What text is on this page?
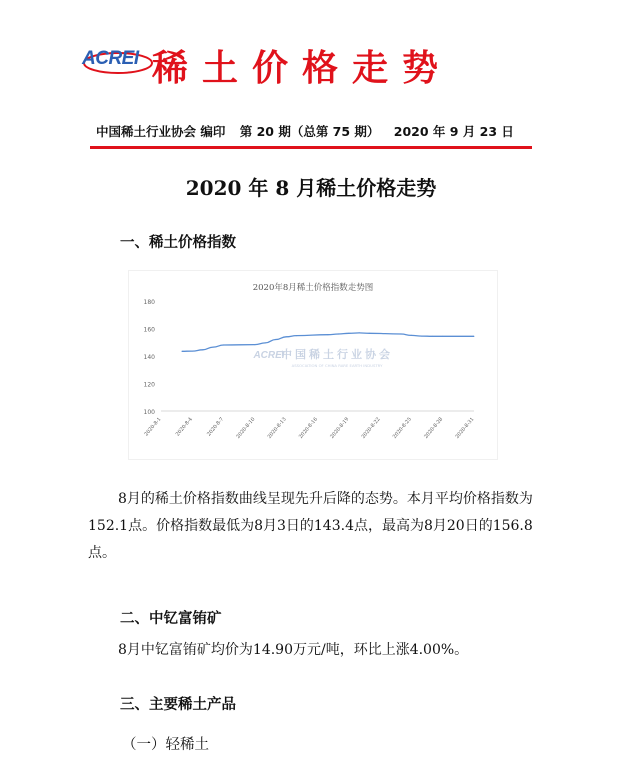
ACREI 稀土价格走势
中国稀土行业协会 编印 第 20 期（总第 75 期） 2020 年 9 月 23 日
2020 年 8 月稀土价格走势
一、稀土价格指数
2020年8月稀土价格指数走势图
100
120
140
160
180
2020-8-1 2020-8-4 2020-8-7 2020-8-10 2020-8-13 2020-8-16 2020-8-19 2020-8-22 2020-8-25 2020-8-28 2020-8-31
中国稀土行业协会
ASSOCIATION OF CHINA RARE EARTH INDUSTRY
ACREI
8月的稀土价格指数曲线呈现先升后降的态势。本月平均价格指数为152.1点。价格指数最低为8月3日的143.4点，最高为8月20日的156.8点。
二、中钇富铕矿
8月中钇富铕矿均价为14.90万元/吨，环比上涨4.00%。
三、主要稀土产品
（一）轻稀土
